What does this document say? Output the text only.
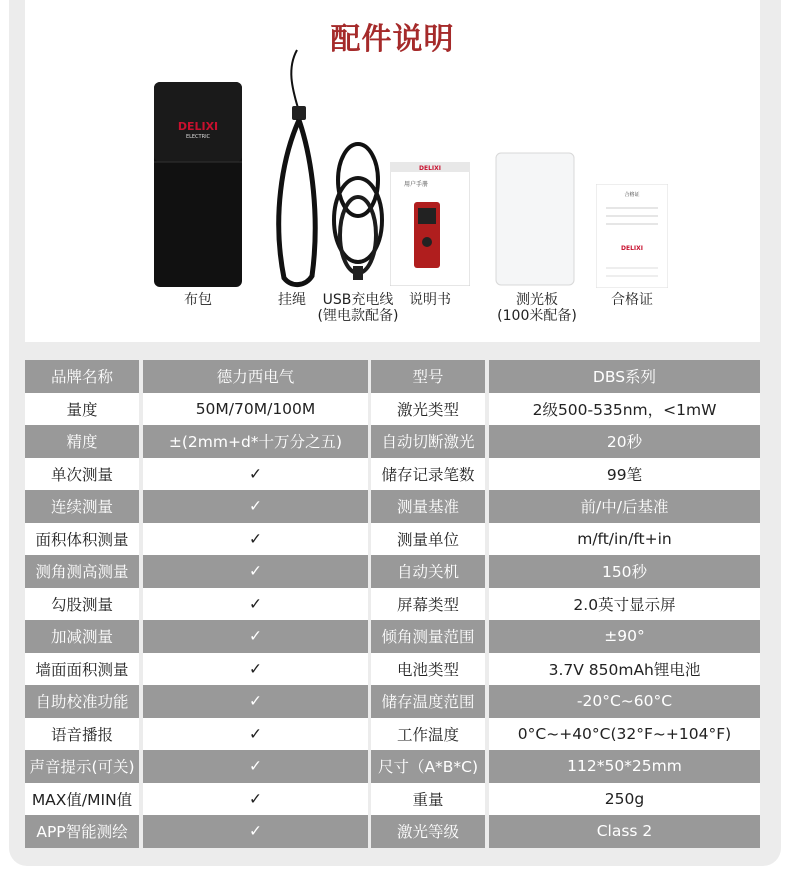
配件说明
DELIXI
ELECTRIC
布包	挂绳	USB充电线
(锂电款配备)
DELIXI
用户手册
说明书	测光板
(100米配备)
合格证
DELIXI
合格证
品牌名称	德力西电气	型号	DBS系列
量度	50M/70M/100M	激光类型	2级500-535nm，<1mW
精度	±(2mm+d*十万分之五)	自动切断激光	20秒
单次测量	✓	储存记录笔数	99笔
连续测量	✓	测量基准	前/中/后基准
面积体积测量	✓	测量单位	m/ft/in/ft+in
测角测高测量	✓	自动关机	150秒
勾股测量	✓	屏幕类型	2.0英寸显示屏
加减测量	✓	倾角测量范围	±90°
墙面面积测量	✓	电池类型	3.7V 850mAh锂电池
自助校准功能	✓	储存温度范围	-20°C~60°C
语音播报	✓	工作温度	0°C~+40°C(32°F~+104°F)
声音提示(可关)	✓	尺寸（A*B*C)	112*50*25mm
MAX值/MIN值	✓	重量	250g
APP智能测绘	✓	激光等级	Class 2
